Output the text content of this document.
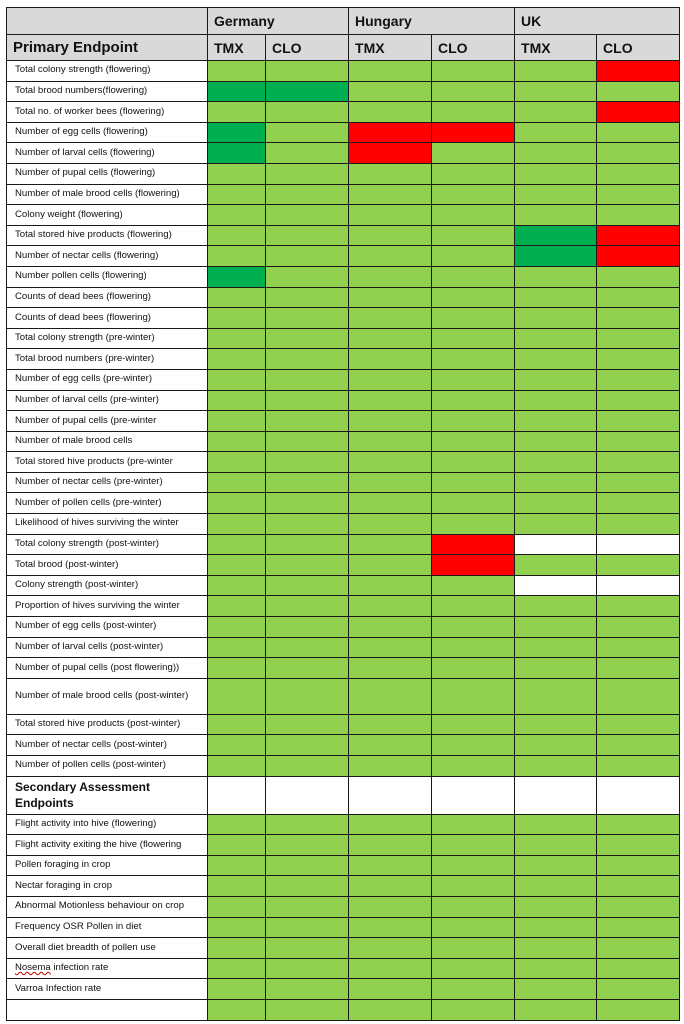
	Germany		Hungary		UK	
Primary Endpoint	TMX	CLO	TMX	CLO	TMX	CLO
Total colony strength (flowering)						
Total brood numbers(flowering)						
Total no. of worker bees (flowering)						
Number of egg cells (flowering)						
Number of larval cells (flowering)						
Number of pupal cells (flowering)						
Number of male brood cells (flowering)						
Colony weight (flowering)						
Total stored hive products (flowering)						
Number of nectar cells (flowering)						
Number pollen cells (flowering)						
Counts of dead bees (flowering)						
Counts of dead bees (flowering)						
Total colony strength (pre-winter)						
Total brood numbers (pre-winter)						
Number of egg cells (pre-winter)						
Number of larval cells (pre-winter)						
Number of pupal cells (pre-winter						
Number of male brood cells						
Total stored hive products (pre-winter						
Number of nectar cells (pre-winter)						
Number of pollen cells (pre-winter)						
Likelihood of hives surviving the winter						
Total colony strength (post-winter)						
Total brood (post-winter)						
Colony strength (post-winter)						
Proportion of hives surviving the winter						
Number of egg cells (post-winter)						
Number of larval cells (post-winter)						
Number of pupal cells (post flowering))						
Number of male brood cells (post-winter)						
Total stored hive products (post-winter)						
Number of nectar cells (post-winter)						
Number of pollen cells (post-winter)						
Secondary Assessment Endpoints						
Flight activity into hive (flowering)						
Flight activity exiting the hive (flowering						
Pollen foraging in crop						
Nectar foraging in crop						
Abnormal Motionless behaviour on crop						
Frequency OSR Pollen in diet						
Overall diet breadth of pollen use						
Nosema infection rate						
Varroa Infection rate						
